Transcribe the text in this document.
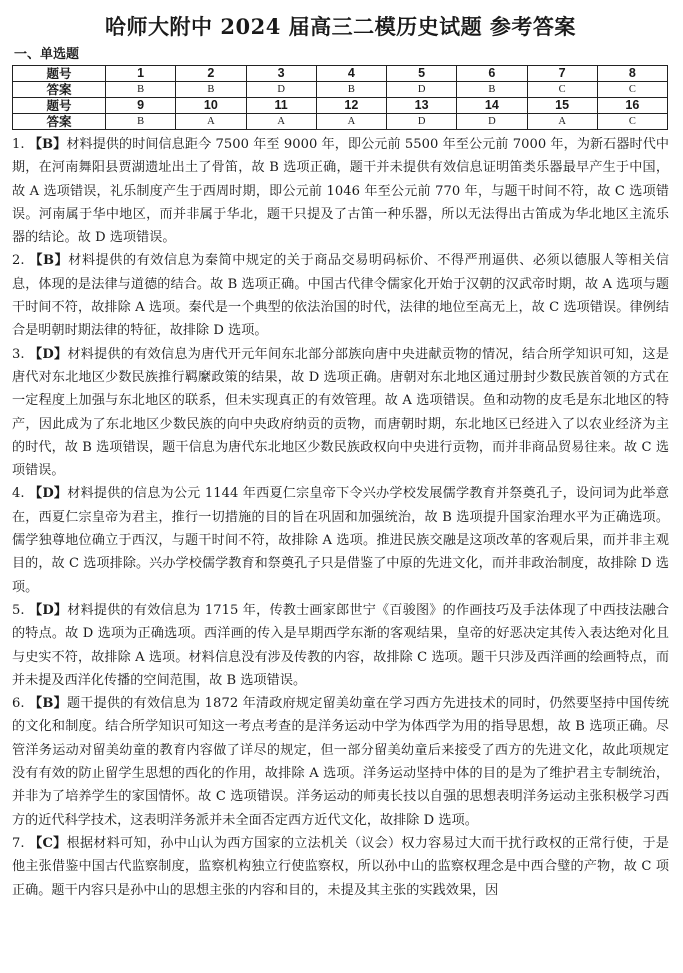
哈师大附中 2024 届高三二模历史试题 参考答案
一、单选题
题号	1	2	3	4	5	6	7	8
答案	B	B	D	B	D	B	C	C
题号	9	10	11	12	13	14	15	16
答案	B	A	A	A	D	D	A	C
1. 【B】材料提供的时间信息距今 7500 年至 9000 年，即公元前 5500 年至公元前 7000 年，为新石器时代中期，在河南舞阳县贾湖遗址出土了骨笛，故 B 选项正确，题干并未提供有效信息证明笛类乐器最早产生于中国，故 A 选项错误，礼乐制度产生于西周时期，即公元前 1046 年至公元前 770 年，与题干时间不符，故 C 选项错误。河南属于华中地区，而并非属于华北，题干只提及了古笛一种乐器，所以无法得出古笛成为华北地区主流乐器的结论。故 D 选项错误。
2. 【B】材料提供的有效信息为秦简中规定的关于商品交易明码标价、不得严刑逼供、必须以德服人等相关信息，体现的是法律与道德的结合。故 B 选项正确。中国古代律令儒家化开始于汉朝的汉武帝时期，故 A 选项与题干时间不符，故排除 A 选项。秦代是一个典型的依法治国的时代，法律的地位至高无上，故 C 选项错误。律例结合是明朝时期法律的特征，故排除 D 选项。
3. 【D】材料提供的有效信息为唐代开元年间东北部分部族向唐中央进献贡物的情况，结合所学知识可知，这是唐代对东北地区少数民族推行羁縻政策的结果，故 D 选项正确。唐朝对东北地区通过册封少数民族首领的方式在一定程度上加强与东北地区的联系，但未实现真正的有效管理。故 A 选项错误。鱼和动物的皮毛是东北地区的特产，因此成为了东北地区少数民族的向中央政府纳贡的贡物，而唐朝时期，东北地区已经进入了以农业经济为主的时代，故 B 选项错误，题干信息为唐代东北地区少数民族政权向中央进行贡物，而并非商品贸易往来。故 C 选项错误。
4. 【D】材料提供的信息为公元 1144 年西夏仁宗皇帝下令兴办学校发展儒学教育并祭奠孔子，设问词为此举意在，西夏仁宗皇帝为君主，推行一切措施的目的旨在巩固和加强统治，故 B 选项提升国家治理水平为正确选项。儒学独尊地位确立于西汉，与题干时间不符，故排除 A 选项。推进民族交融是这项改革的客观后果，而并非主观目的，故 C 选项排除。兴办学校儒学教育和祭奠孔子只是借鉴了中原的先进文化，而并非政治制度，故排除 D 选项。
5. 【D】材料提供的有效信息为 1715 年，传教士画家郎世宁《百骏图》的作画技巧及手法体现了中西技法融合的特点。故 D 选项为正确选项。西洋画的传入是早期西学东渐的客观结果，皇帝的好恶决定其传入表达绝对化且与史实不符，故排除 A 选项。材料信息没有涉及传教的内容，故排除 C 选项。题干只涉及西洋画的绘画特点，而并未提及西洋化传播的空间范围，故 B 选项错误。
6. 【B】题干提供的有效信息为 1872 年清政府规定留美幼童在学习西方先进技术的同时，仍然要坚持中国传统的文化和制度。结合所学知识可知这一考点考查的是洋务运动中学为体西学为用的指导思想，故 B 选项正确。尽管洋务运动对留美幼童的教育内容做了详尽的规定，但一部分留美幼童后来接受了西方的先进文化，故此项规定没有有效的防止留学生思想的西化的作用，故排除 A 选项。洋务运动坚持中体的目的是为了维护君主专制统治，并非为了培养学生的家国情怀。故 C 选项错误。洋务运动的师夷长技以自强的思想表明洋务运动主张积极学习西方的近代科学技术，这表明洋务派并未全面否定西方近代文化，故排除 D 选项。
7. 【C】根据材料可知，孙中山认为西方国家的立法机关（议会）权力容易过大而干扰行政权的正常行使，于是他主张借鉴中国古代监察制度，监察机构独立行使监察权，所以孙中山的监察权理念是中西合璧的产物，故 C 项正确。题干内容只是孙中山的思想主张的内容和目的，未提及其主张的实践效果，因
